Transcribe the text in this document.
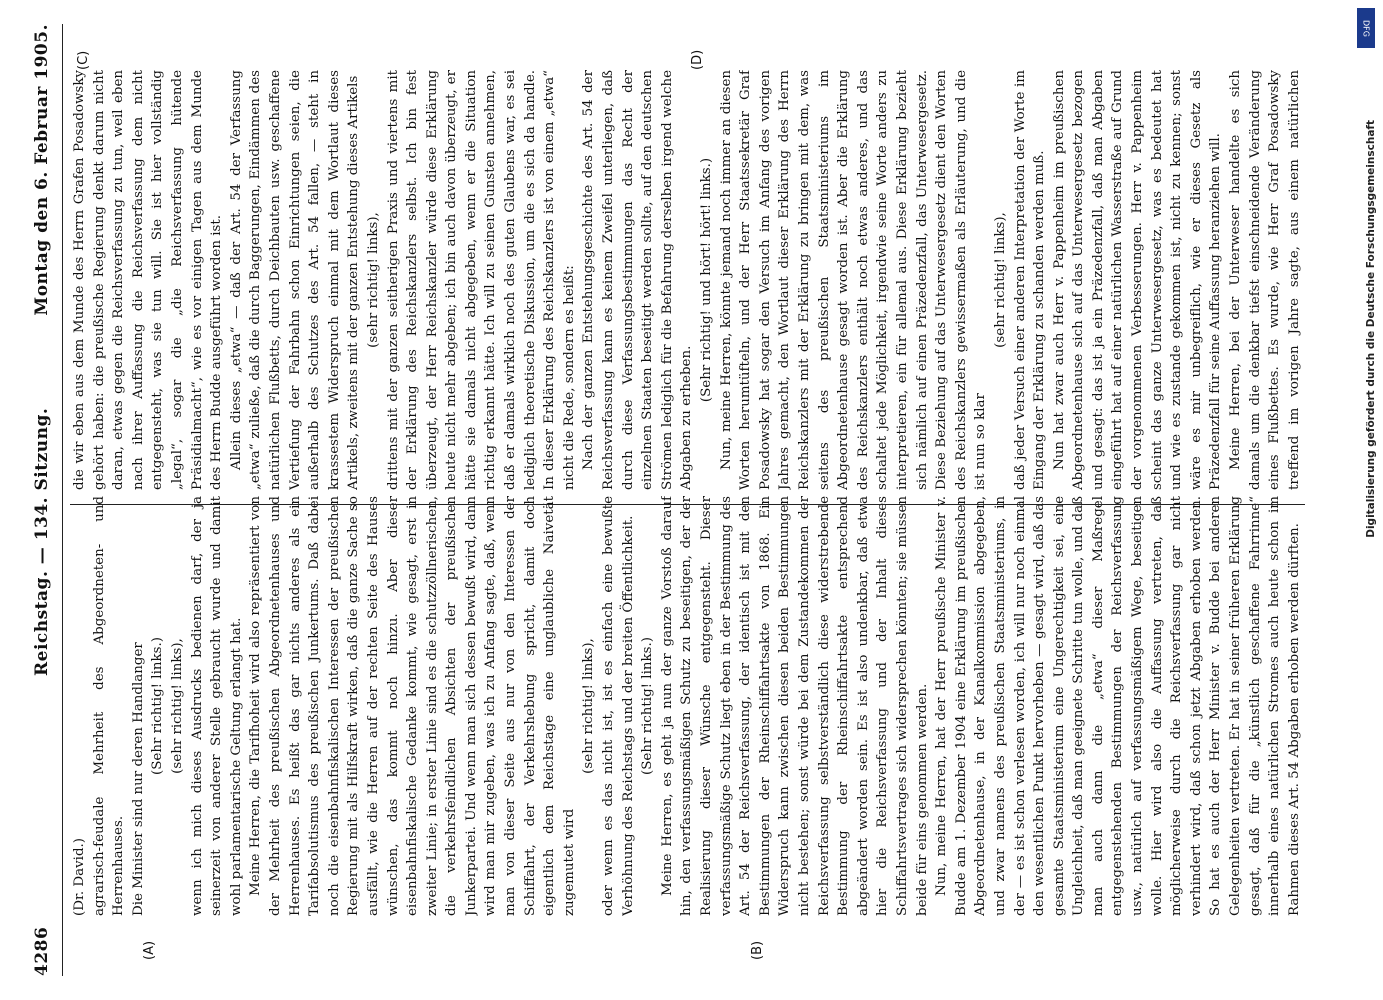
4286
Reichstag. — 134. Sitzung.
Montag den 6. Februar 1905.
(A)	(B)
(C)	(D)

(Dr. David.) agrarisch-feudale Mehrheit des Abgeordneten- und Herrenhauses. Die Minister sind nur deren Handlanger (Sehr richtig! links.) (sehr richtig! links), wenn ich mich dieses Ausdrucks bedienen darf, der ja seinerzeit von anderer Stelle gebraucht wurde und damit wohl parlamentarische Geltung erlangt hat. Meine Herren, die Tarifhoheit wird also repräsentiert von der Mehrheit des preußischen Abgeordnetenhauses und Herrenhauses. Es heißt das gar nichts anderes als ein Tarifabsolutismus des preußischen Junkertums. Daß dabei noch die eisenbahnfiskalischen Interessen der preußischen Regierung mit als Hilfskraft wirken, daß die ganze Sache so ausfällt, wie die Herren auf der rechten Seite des Hauses wünschen, das kommt noch hinzu. Aber dieser eisenbahnfiskalische Gedanke kommt, wie gesagt, erst in zweiter Linie; in erster Linie sind es die schutzzöllnerischen, die verkehrsfeindlichen Absichten der preußischen Junkerpartei. Und wenn man sich dessen bewußt wird, dann wird man mir zugeben, was ich zu Anfang sagte, daß, wenn man von dieser Seite aus nur von den Interessen der Schiffahrt, der Verkehrshebung spricht, damit doch eigentlich dem Reichstage eine unglaubliche Naivetät zugemutet wird

(sehr richtig! links), oder wenn es das nicht ist, ist es einfach eine bewußte Verhöhnung des Reichstags und der breiten Öffentlichkeit. (Sehr richtig! links.) Meine Herren, es geht ja nun der ganze Vorstoß darauf hin, den verfassungsmäßigen Schutz zu beseitigen, der der Realisierung dieser Wünsche entgegensteht. Dieser verfassungsmäßige Schutz liegt eben in der Bestimmung des Art. 54 der Reichsverfassung, der identisch ist mit den Bestimmungen der Rheinschiffahrtsakte von 1868. Ein Widerspruch kann zwischen diesen beiden Bestimmungen nicht bestehen; sonst würde bei dem Zustandekommen der Reichsverfassung selbstverständlich diese widerstrebende Bestimmung der Rheinschiffahrtsakte entsprechend abgeändert worden sein. Es ist also undenkbar, daß etwa hier die Reichsverfassung und der Inhalt dieses Schiffahrtsvertrages sich widersprechen könnten; sie müssen beide für eins genommen werden. Nun, meine Herren, hat der Herr preußische Minister v. Budde am 1. Dezember 1904 eine Erklärung im preußischen Abgeordnetenhause, in der Kanalkommission abgegeben, und zwar namens des preußischen Staatsministeriums, in der — es ist schon verlesen worden, ich will nur noch einmal den wesentlichen Punkt hervorheben — gesagt wird, daß das gesamte Staatsministerium eine Ungerechtigkeit sei, eine Ungleichheit, daß man geeignete Schritte tun wolle, und daß man auch dann die „etwa“ dieser Maßregel entgegenstehenden Bestimmungen der Reichsverfassung usw., natürlich auf verfassungsmäßigem Wege, beseitigen wolle. Hier wird also die Auffassung vertreten, daß möglicherweise durch die Reichsverfassung gar nicht verhindert wird, daß schon jetzt Abgaben erhoben werden. So hat es auch der Herr Minister v. Budde bei anderen Gelegenheiten vertreten. Er hat in seiner früheren Erklärung gesagt, daß für die „künstlich geschaffene Fahrrinne“ innerhalb eines natürlichen Stromes auch heute schon im Rahmen dieses Art. 54 Abgaben erhoben werden dürften.

die wir eben aus dem Munde des Herrn Grafen Posadowsky gehört haben: die preußische Regierung denkt darum nicht daran, etwas gegen die Reichsverfassung zu tun, weil eben nach ihrer Auffassung die Reichsverfassung dem nicht entgegensteht, was sie tun will. Sie ist hier vollständig „legal“, sogar die „die Reichsverfassung hütende Präsidialmacht“, wie es vor einigen Tagen aus dem Munde des Herrn Budde ausgeführt worden ist. Allein dieses „etwa“ — daß der Art. 54 der Verfassung „etwa“ zuließe, daß die durch Baggerungen, Eindämmen des natürlichen Flußbetts, durch Deichbauten usw. geschaffene Vertiefung der Fahrbahn schon Einrichtungen seien, die außerhalb des Schutzes des Art. 54 fallen, — steht in krassestem Widerspruch einmal mit dem Wortlaut dieses Artikels, zweitens mit der ganzen Entstehung dieses Artikels (sehr richtig! links), drittens mit der ganzen seitherigen Praxis und viertens mit der Erklärung des Reichskanzlers selbst. Ich bin fest überzeugt, der Herr Reichskanzler würde diese Erklärung heute nicht mehr abgeben; ich bin auch davon überzeugt, er hätte sie damals nicht abgegeben, wenn er die Situation richtig erkannt hätte. Ich will zu seinen Gunsten annehmen, daß er damals wirklich noch des guten Glaubens war, es sei lediglich theoretische Diskussion, um die es sich da handle. In dieser Erklärung des Reichskanzlers ist von einem „etwa“ nicht die Rede, sondern es heißt: Nach der ganzen Entstehungsgeschichte des Art. 54 der Reichsverfassung kann es keinem Zweifel unterliegen, daß durch diese Verfassungsbestimmungen das Recht der einzelnen Staaten beseitigt werden sollte, auf den deutschen Strömen lediglich für die Befahrung derselben irgend welche Abgaben zu erheben.

(Sehr richtig! und hört! hört! links.) Nun, meine Herren, könnte jemand noch immer an diesen Worten herumtüfteln, und der Herr Staatssekretär Graf Posadowsky hat sogar den Versuch im Anfang des vorigen Jahres gemacht, den Wortlaut dieser Erklärung des Herrn Reichskanzlers mit der Erklärung zu bringen mit dem, was seitens des preußischen Staatsministeriums im Abgeordnetenhause gesagt worden ist. Aber die Erklärung des Reichskanzlers enthält noch etwas anderes, und das schaltet jede Möglichkeit, irgendwie seine Worte anders zu interpretieren, ein für allemal aus. Diese Erklärung bezieht sich nämlich auf einen Präzedenzfall, das Unterwesergesetz. Diese Beziehung auf das Unterwesergesetz dient den Worten des Reichskanzlers gewissermaßen als Erläuterung, und die ist nun so klar

(sehr richtig! links), daß jeder Versuch einer anderen Interpretation der Worte im Eingang der Erklärung zu schanden werden muß. Nun hat zwar auch Herr v. Pappenheim im preußischen Abgeordnetenhause sich auf das Unterwesergesetz bezogen und gesagt: das ist ja ein Präzedenzfall, daß man Abgaben eingeführt hat auf einer natürlichen Wasserstraße auf Grund der vorgenommenen Verbesserungen. Herr v. Pappenheim scheint das ganze Unterwesergesetz, was es bedeutet hat und wie es zustande gekommen ist, nicht zu kennen; sonst wäre es mir unbegreiflich, wie er dieses Gesetz als Präzedenzfall für seine Auffassung heranziehen will. Meine Herren, bei der Unterweser handelte es sich damals um die denkbar tiefst einschneidende Veränderung eines Flußbettes. Es wurde, wie Herr Graf Posadowsky treffend im vorigen Jahre sagte, aus einem natürlichen

DFG
Digitalisierung gefördert durch die Deutsche Forschungsgemeinschaft
